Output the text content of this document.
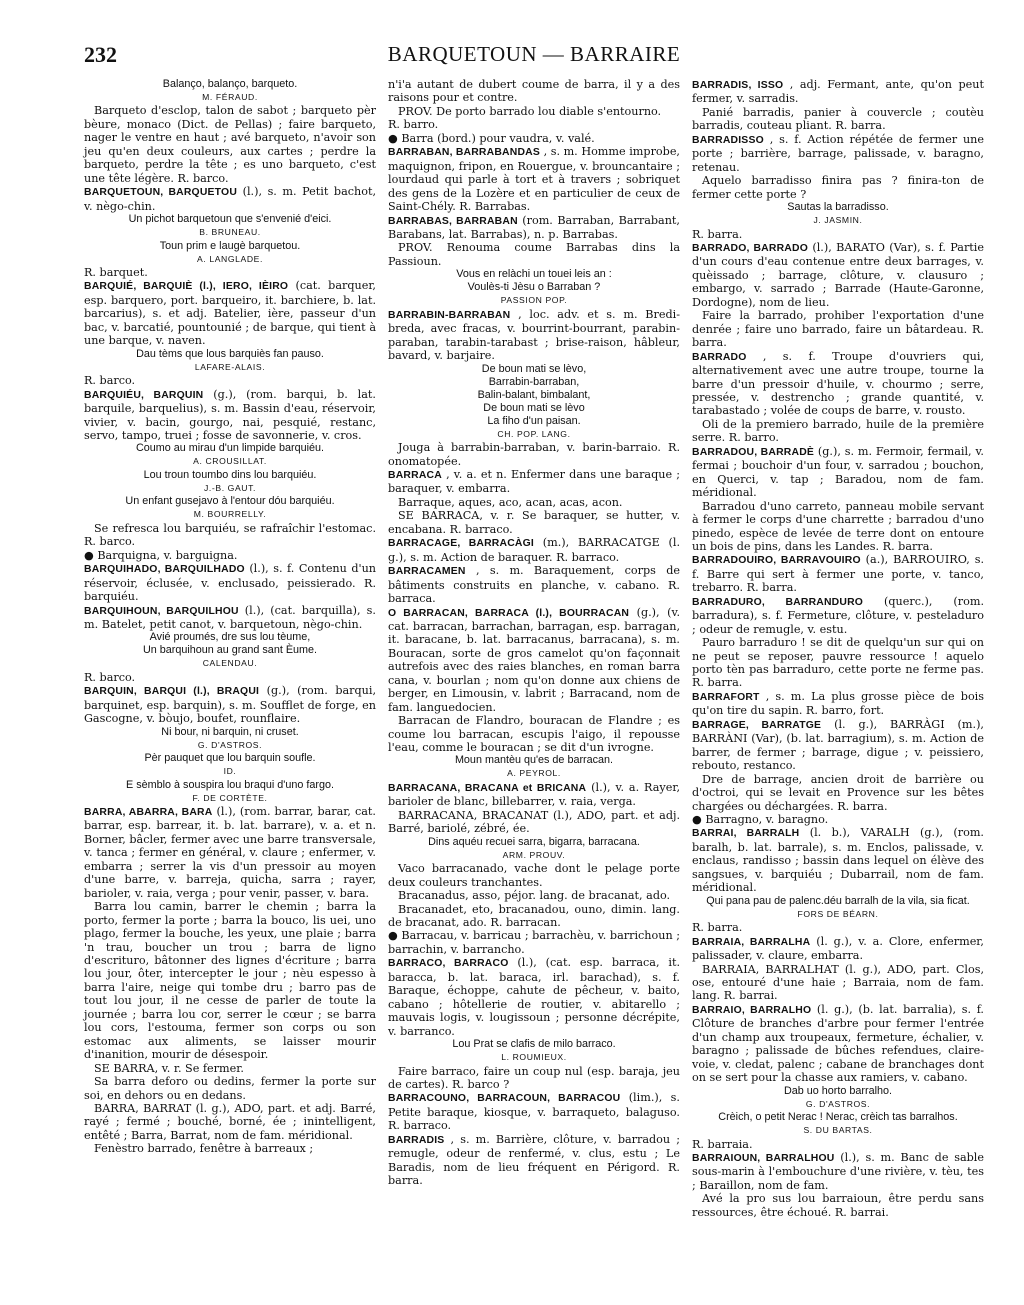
232	BARQUETOUN — BARRAIRE

Balanço, balanço, barqueto.

M. FÉRAUD.

Barqueto d'esclop, talon de sabot ; barqueto pèr bèure, monaco (Dict. de Pellas) ; faire barqueto, nager le ventre en haut ; avé barqueto, n'avoir son jeu qu'en deux couleurs, aux cartes ; perdre la barqueto, perdre la tête ; es uno barqueto, c'est une tête légère. R. barco.

BARQUETOUN, BARQUETOU (l.), s. m. Petit bachot, v. nègo-chin.

Un pichot barquetoun que s'envenié d'eici.

B. BRUNEAU.

Toun prim e laugè barquetou.

A. LANGLADE.

R. barquet.

BARQUIÉ, BARQUIÈ (l.), IERO, IÈIRO (cat. barquer, esp. barquero, port. barqueiro, it. barchiere, b. lat. barcarius), s. et adj. Batelier, ière, passeur d'un bac, v. barcatié, pountounié ; de barque, qui tient à une barque, v. naven.

Dau tèms que lous barquiès fan pauso.

LAFARE-ALAIS.

R. barco.

BARQUIÉU, BARQUIN (g.), (rom. barqui, b. lat. barquile, barquelius), s. m. Bassin d'eau, réservoir, vivier, v. bacin, gourgo, nai, pesquié, restanc, servo, tampo, truei ; fosse de savonnerie, v. cros.

Coumo au mirau d'un limpide barquiéu.

A. CROUSILLAT.

Lou troun toumbo dins lou barquiéu.

J.-B. GAUT.

Un enfant gusejavo à l'entour dóu barquiéu.

M. BOURRELLY.

Se refresca lou barquiéu, se rafraîchir l'estomac. R. barco.

● Barquigna, v. barguigna.

BARQUIHADO, BARQUILHADO (l.), s. f. Contenu d'un réservoir, éclusée, v. enclusado, peissierado. R. barquiéu.

BARQUIHOUN, BARQUILHOU (l.), (cat. barquilla), s. m. Batelet, petit canot, v. barquetoun, nègo-chin.

Avié proumés, dre sus lou tèume,

Un barquihoun au grand sant Èume.

CALENDAU.

R. barco.

BARQUIN, BARQUI (l.), BRAQUI (g.), (rom. barqui, barquinet, esp. barquin), s. m. Soufflet de forge, en Gascogne, v. bòujo, boufet, rounflaire.

Ni bour, ni barquin, ni cruset.

G. D'ASTROS.

Pèr pauquet que lou barquin soufle.

ID.

E sèmblo à souspira lou braqui d'uno fargo.

F. DE CORTÈTE.

BARRA, ABARRA, BARA (l.), (rom. barrar, barar, cat. barrar, esp. barrear, it. b. lat. barrare), v. a. et n. Borner, bâcler, fermer avec une barre transversale, v. tanca ; fermer en général, v. claure ; enfermer, v. embarra ; serrer la vis d'un pressoir au moyen d'une barre, v. barreja, quicha, sarra ; rayer, barioler, v. raia, verga ; pour venir, passer, v. bara.

Barra lou camin, barrer le chemin ; barra la porto, fermer la porte ; barra la bouco, lis uei, uno plago, fermer la bouche, les yeux, une plaie ; barra 'n trau, boucher un trou ; barra de ligno d'escrituro, bâtonner des lignes d'écriture ; barra lou jour, ôter, intercepter le jour ; nèu espesso à barra l'aire, neige qui tombe dru ; barro pas de tout lou jour, il ne cesse de parler de toute la journée ; barra lou cor, serrer le cœur ; se barra lou cors, l'estouma, fermer son corps ou son estomac aux aliments, se laisser mourir d'inanition, mourir de désespoir.

SE BARRA, v. r. Se fermer.

Sa barra deforo ou dedins, fermer la porte sur soi, en dehors ou en dedans.

BARRA, BARRAT (l. g.), ADO, part. et adj. Barré, rayé ; fermé ; bouché, borné, ée ; inintelligent, entêté ; Barra, Barrat, nom de fam. méridional.

Fenèstro barrado, fenêtre à barreaux ;

n'i'a autant de dubert coume de barra, il y a des raisons pour et contre.

PROV. De porto barrado lou diable s'entourno.

R. barro.

● Barra (bord.) pour vaudra, v. valé.

BARRABAN, BARRABANDAS , s. m. Homme improbe, maquignon, fripon, en Rouergue, v. brouncantaire ; lourdaud qui parle à tort et à travers ; sobriquet des gens de la Lozère et en particulier de ceux de Saint-Chély. R. Barrabas.

BARRABAS, BARRABAN (rom. Barraban, Barrabant, Barabans, lat. Barrabas), n. p. Barrabas.

PROV. Renouma coume Barrabas dins la Passioun.

Vous en relàchi un touei leis an :

Voulès-ti Jèsu o Barraban ?

PASSION POP.

BARRABIN-BARRABAN , loc. adv. et s. m. Bredi-breda, avec fracas, v. bourrint-bourrant, parabin-paraban, tarabin-tarabast ; brise-raison, hâbleur, bavard, v. barjaire.

De boun mati se lèvo,

Barrabin-barraban,

Balin-balant, bimbalant,

De boun mati se lèvo

La fiho d'un paisan.

CH. POP. LANG.

Jouga à barrabin-barraban, v. barin-barraio. R. onomatopée.

BARRACA , v. a. et n. Enfermer dans une baraque ; baraquer, v. embarra.

Barraque, aques, aco, acan, acas, acon.

SE BARRACA, v. r. Se baraquer, se hutter, v. encabana. R. barraco.

BARRACAGE, BARRACÀGI (m.), BARRACATGE (l. g.), s. m. Action de baraquer. R. barraco.

BARRACAMEN , s. m. Baraquement, corps de bâtiments construits en planche, v. cabano. R. barraca.

O BARRACAN, BARRACA (l.), BOURRACAN (g.), (v. cat. barracan, barrachan, barragan, esp. barragan, it. baracane, b. lat. barracanus, barracana), s. m. Bouracan, sorte de gros camelot qu'on façonnait autrefois avec des raies blanches, en roman barra cana, v. bourlan ; nom qu'on donne aux chiens de berger, en Limousin, v. labrit ; Barracand, nom de fam. languedocien.

Barracan de Flandro, bouracan de Flandre ; es coume lou barracan, escupis l'aigo, il repousse l'eau, comme le bouracan ; se dit d'un ivrogne.

Moun mantèu qu'es de barracan.

A. PEYROL.

BARRACANA, BRACANA et BRICANA (l.), v. a. Rayer, barioler de blanc, billebarrer, v. raia, verga.

BARRACANA, BRACANAT (l.), ADO, part. et adj. Barré, bariolé, zébré, ée.

Dins aquéu recuei sarra, bigarra, barracana.

ARM. PROUV.

Vaco barracanado, vache dont le pelage porte deux couleurs tranchantes.

Bracanadus, asso, péjor. lang. de bracanat, ado.

Bracanadet, eto, bracanadou, ouno, dimin. lang. de bracanat, ado. R. barracan.

● Barracau, v. barricau ; barrachèu, v. barrichoun ; barrachin, v. barrancho.

BARRACO, BARRACO (l.), (cat. esp. barraca, it. baracca, b. lat. baraca, irl. barachad), s. f. Baraque, échoppe, cahute de pêcheur, v. baito, cabano ; hôtellerie de routier, v. abitarello ; mauvais logis, v. lougissoun ; personne décrépite, v. barranco.

Lou Prat se clafis de milo barraco.

L. ROUMIEUX.

Faire barraco, faire un coup nul (esp. baraja, jeu de cartes). R. barco ?

BARRACOUNO, BARRACOUN, BARRACOU (lim.), s. Petite baraque, kiosque, v. barraqueto, balaguso. R. barraco.

BARRADIS , s. m. Barrière, clôture, v. barradou ; remugle, odeur de renfermé, v. clus, estu ; Le Baradis, nom de lieu fréquent en Périgord. R. barra.

BARRADIS, ISSO , adj. Fermant, ante, qu'on peut fermer, v. sarradis.

Panié barradis, panier à couvercle ; coutèu barradis, couteau pliant. R. barra.

BARRADISSO , s. f. Action répétée de fermer une porte ; barrière, barrage, palissade, v. baragno, retenau.

Aquelo barradisso finira pas ? finira-ton de fermer cette porte ?

Sautas la barradisso.

J. JASMIN.

R. barra.

BARRADO, BARRADO (l.), BARATO (Var), s. f. Partie d'un cours d'eau contenue entre deux barrages, v. quèissado ; barrage, clôture, v. clausuro ; embargo, v. sarrado ; Barrade (Haute-Garonne, Dordogne), nom de lieu.

Faire la barrado, prohiber l'exportation d'une denrée ; faire uno barrado, faire un bâtardeau. R. barra.

BARRADO , s. f. Troupe d'ouvriers qui, alternativement avec une autre troupe, tourne la barre d'un pressoir d'huile, v. chourmo ; serre, pressée, v. destrencho ; grande quantité, v. tarabastado ; volée de coups de barre, v. rousto.

Oli de la premiero barrado, huile de la première serre. R. barro.

BARRADOU, BARRADÈ (g.), s. m. Fermoir, fermail, v. fermai ; bouchoir d'un four, v. sarradou ; bouchon, en Querci, v. tap ; Baradou, nom de fam. méridional.

Barradou d'uno carreto, panneau mobile servant à fermer le corps d'une charrette ; barradou d'uno pinedo, espèce de levée de terre dont on entoure un bois de pins, dans les Landes. R. barra.

BARRADOUIRO, BARRAVOUIRO (a.), BARROUIRO, s. f. Barre qui sert à fermer une porte, v. tanco, trebarro. R. barra.

BARRADURO, BARRANDURO (querc.), (rom. barradura), s. f. Fermeture, clôture, v. pesteladuro ; odeur de remugle, v. estu.

Pauro barraduro ! se dit de quelqu'un sur qui on ne peut se reposer, pauvre ressource ! aquelo porto tèn pas barraduro, cette porte ne ferme pas. R. barra.

BARRAFORT , s. m. La plus grosse pièce de bois qu'on tire du sapin. R. barro, fort.

BARRAGE, BARRATGE (l. g.), BARRÀGI (m.), BARRÀNI (Var), (b. lat. barragium), s. m. Action de barrer, de fermer ; barrage, digue ; v. peissiero, rebouto, restanco.

Dre de barrage, ancien droit de barrière ou d'octroi, qui se levait en Provence sur les bêtes chargées ou déchargées. R. barra.

● Barragno, v. baragno.

BARRAI, BARRALH (l. b.), VARALH (g.), (rom. baralh, b. lat. barrale), s. m. Enclos, palissade, v. enclaus, randisso ; bassin dans lequel on élève des sangsues, v. barquiéu ; Dubarrail, nom de fam. méridional.

Qui pana pau de palenc.déu barralh de la vila, sia ficat.

FORS DE BÉARN.

R. barra.

BARRAIA, BARRALHA (l. g.), v. a. Clore, enfermer, palissader, v. claure, embarra.

BARRAIA, BARRALHAT (l. g.), ADO, part. Clos, ose, entouré d'une haie ; Barraia, nom de fam. lang. R. barrai.

BARRAIO, BARRALHO (l. g.), (b. lat. barralia), s. f. Clôture de branches d'arbre pour fermer l'entrée d'un champ aux troupeaux, fermeture, échalier, v. baragno ; palissade de bûches refendues, claire-voie, v. cledat, palenc ; cabane de branchages dont on se sert pour la chasse aux ramiers, v. cabano.

Dab uo horto barralho.

G. D'ASTROS.

Crèich, o petit Nerac ! Nerac, crèich tas barralhos.

S. DU BARTAS.

R. barraia.

BARRAIOUN, BARRALHOU (l.), s. m. Banc de sable sous-marin à l'embouchure d'une rivière, v. tèu, tes ; Baraillon, nom de fam.

Avé la pro sus lou barraioun, être perdu sans ressources, être échoué. R. barrai.
